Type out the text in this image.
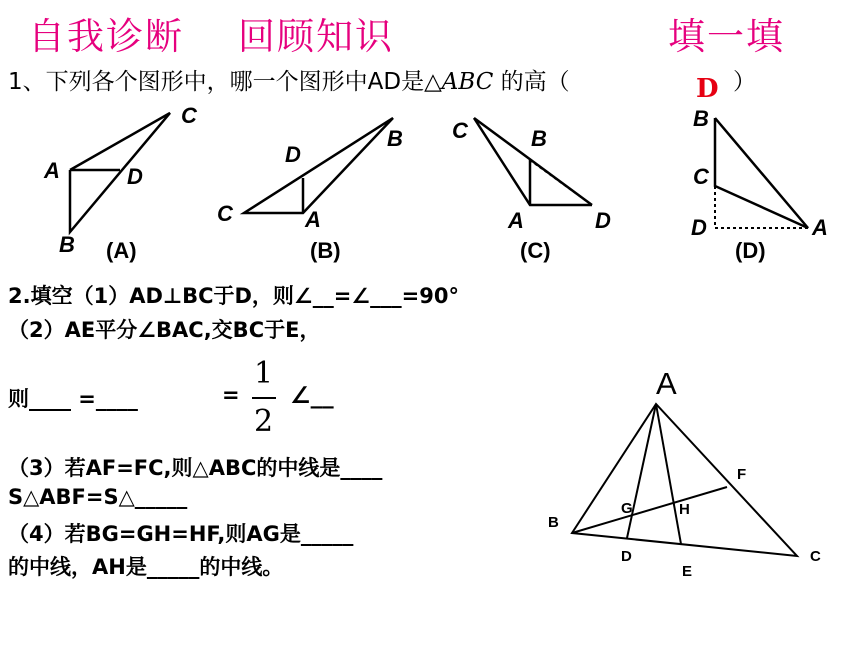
自我诊断 回顾知识	填一填
1、下列各个图形中，哪一个图形中AD是△ABC 的高（	）
D
C
A	D
B (A)
B
D
C	A
(B)
C	B
A	D
(C)
B
C
D	A
(D)
2.填空（1）AD⊥BC于D，则∠__=∠___=90°
（2）AE平分∠BAC,交BC于E，
则____ =____	=
1
2
∠__
（3）若AF=FC,则△ABC的中线是____
S△ABF=S△_____
（4）若BG=GH=HF,则AG是_____
的中线，AH是_____的中线。
A
B
C
D
E
F
G	H
